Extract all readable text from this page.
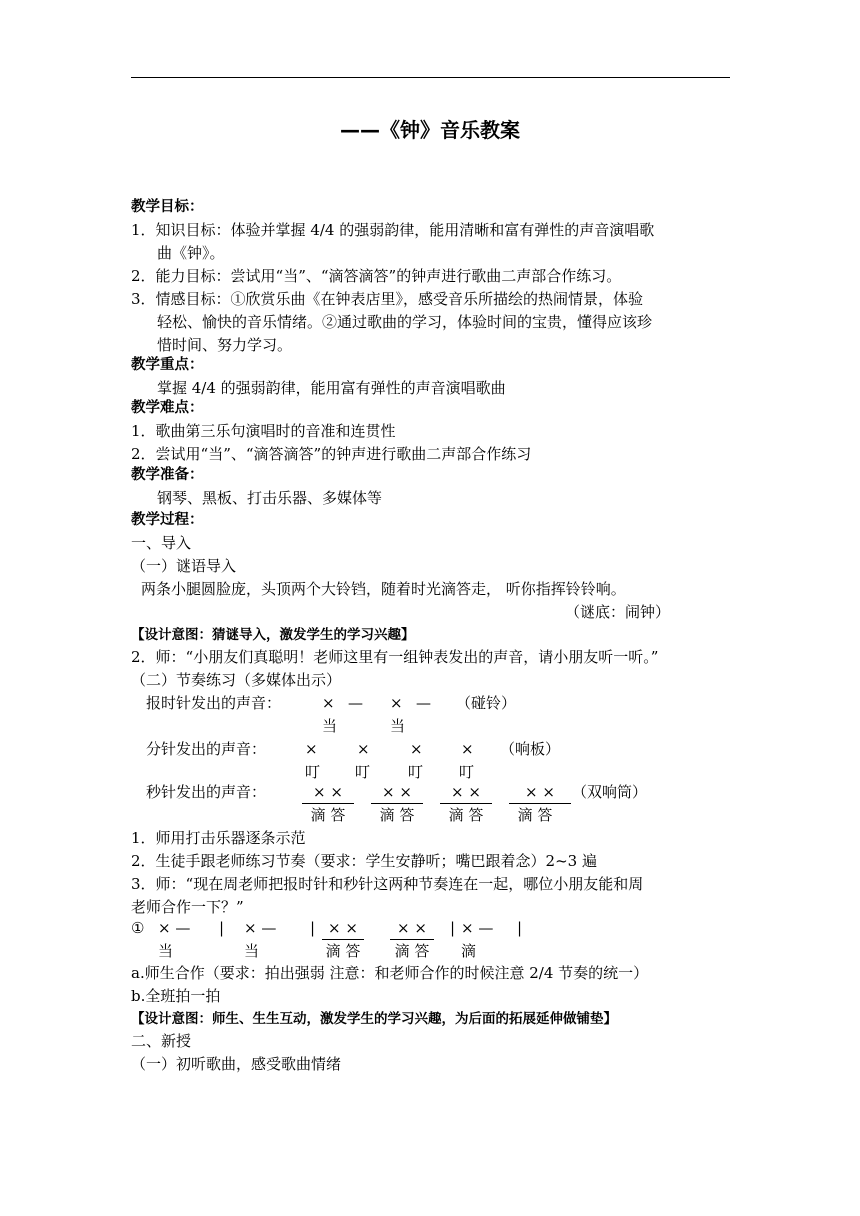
——《钟》音乐教案
教学目标：
1．知识目标：体验并掌握 4/4 的强弱韵律，能用清晰和富有弹性的声音演唱歌
曲《钟》。
2．能力目标：尝试用“当”、“滴答滴答”的钟声进行歌曲二声部合作练习。
3．情感目标：①欣赏乐曲《在钟表店里》，感受音乐所描绘的热闹情景，体验
轻松、愉快的音乐情绪。②通过歌曲的学习，体验时间的宝贵，懂得应该珍
惜时间、努力学习。
教学重点：
掌握 4/4 的强弱韵律，能用富有弹性的声音演唱歌曲
教学难点：
1．歌曲第三乐句演唱时的音准和连贯性
2．尝试用“当”、“滴答滴答”的钟声进行歌曲二声部合作练习
教学准备：
钢琴、黑板、打击乐器、多媒体等
教学过程：
一、导入
（一）谜语导入
两条小腿圆脸庞，头顶两个大铃铛，随着时光滴答走， 听你指挥铃铃响。
（谜底：闹钟）
【设计意图：猜谜导入，激发学生的学习兴趣】
2．师：“小朋友们真聪明！老师这里有一组钟表发出的声音，请小朋友听一听。”
（二）节奏练习（多媒体出示）
报时针发出的声音：	× — × — （碰铃）
当	当
分针发出的声音：	×	×	×	× （响板）
叮 叮	叮 叮
秒针发出的声音：	× ×	× ×	× ×	× ×	（双响筒）
滴 答	滴 答	滴 答	滴 答
1．师用打击乐器逐条示范
2．生徒手跟老师练习节奏（要求：学生安静听；嘴巴跟着念）2~3 遍
3．师：“现在周老师把报时针和秒针这两种节奏连在一起，哪位小朋友能和周
老师合作一下？”
① × — | × — | × ×	× ×	| × — |
当	当	滴 答	滴 答	滴
a.师生合作（要求：拍出强弱 注意：和老师合作的时候注意 2/4 节奏的统一）
b.全班拍一拍
【设计意图：师生、生生互动，激发学生的学习兴趣，为后面的拓展延伸做铺垫】
二、新授
（一）初听歌曲，感受歌曲情绪
